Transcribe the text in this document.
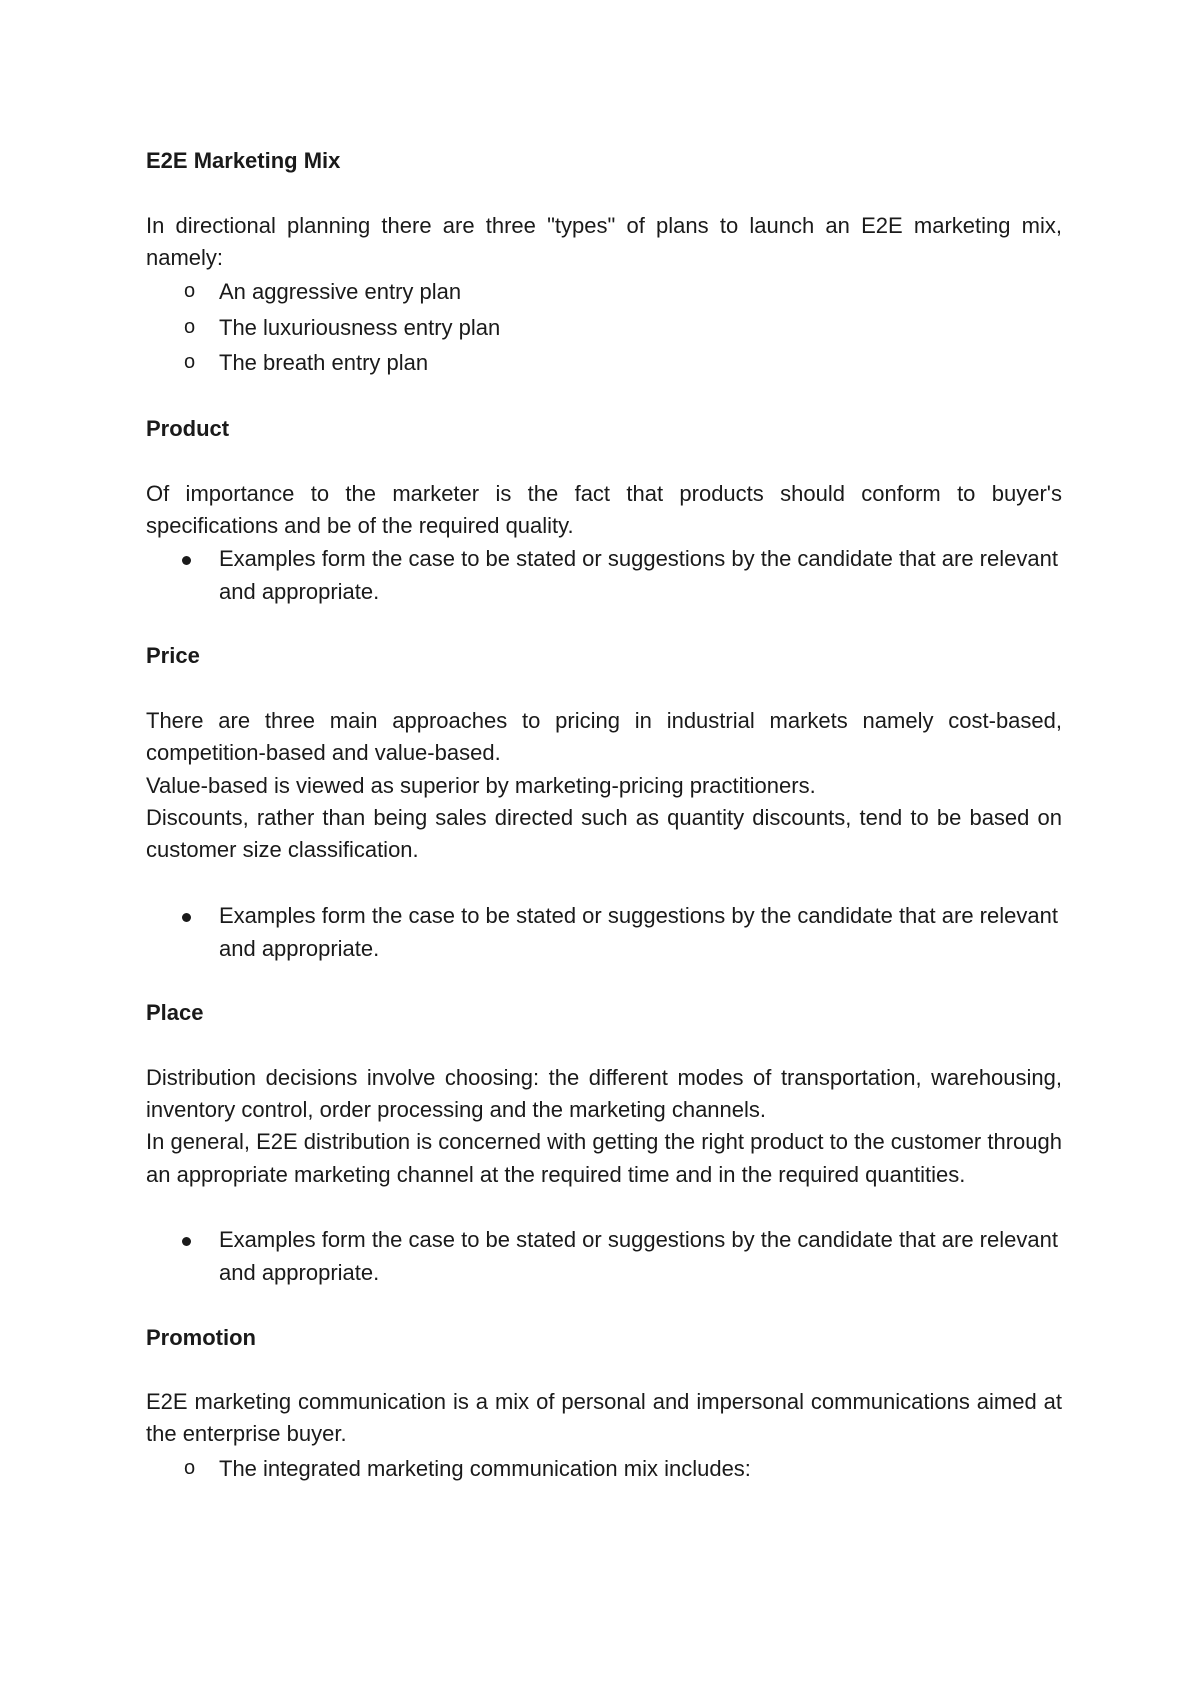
E2E Marketing Mix

In directional planning there are three "types" of plans to launch an E2E marketing mix, namely:

o An aggressive entry plan
o The luxuriousness entry plan
o The breath entry plan

Product

Of importance to the marketer is the fact that products should conform to buyer's specifications and be of the required quality.

Examples form the case to be stated or suggestions by the candidate that are relevant and appropriate.

Price

There are three main approaches to pricing in industrial markets namely cost-based, competition-based and value-based.

Value-based is viewed as superior by marketing-pricing practitioners.

Discounts, rather than being sales directed such as quantity discounts, tend to be based on customer size classification.

Examples form the case to be stated or suggestions by the candidate that are relevant and appropriate.

Place

Distribution decisions involve choosing: the different modes of transportation, warehousing, inventory control, order processing and the marketing channels.

In general, E2E distribution is concerned with getting the right product to the customer through an appropriate marketing channel at the required time and in the required quantities.

Examples form the case to be stated or suggestions by the candidate that are relevant and appropriate.

Promotion

E2E marketing communication is a mix of personal and impersonal communications aimed at the enterprise buyer.

o The integrated marketing communication mix includes:
